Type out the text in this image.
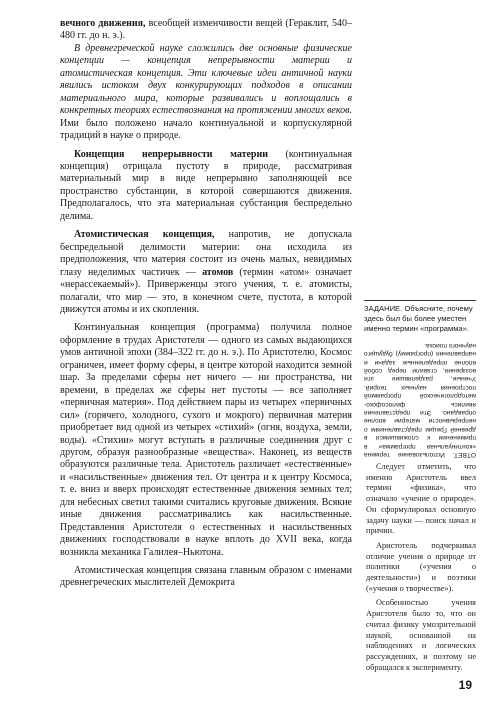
вечного движения, всеобщей изменчивости вещей (Гераклит, 540–480 гг. до н. э.).

В древнегреческой науке сложились две основные физические концепции — концепция непрерывности материи и атомистическая концепция. Эти ключевые идеи античной науки явились истоком двух конкурирующих подходов в описании материального мира, которые развивались и воплощались в конкретных теориях естествознания на протяжении многих веков. Ими было положено начало континуальной и корпускулярной традиций в науке о природе.

Концепция непрерывности материи (континуальная концепция) отрицала пустоту в природе, рассматривая материальный мир в виде непрерывно заполняющей все пространство субстанции, в которой совершаются движения. Предполагалось, что эта материальная субстанция беспредельно делима.

Атомистическая концепция, напротив, не допускала беспредельной делимости материи: она исходила из предположения, что материя состоит из очень малых, невидимых глазу неделимых частичек — атомов (термин «атом» означает «нерассекаемый»). Приверженцы этого учения, т. е. атомисты, полагали, что мир — это, в конечном счете, пустота, в которой движутся атомы и их скопления.

Континуальная концепция (программа) получила полное оформление в трудах Аристотеля — одного из самых выдающихся умов античной эпохи (384–322 гг. до н. э.). По Аристотелю, Космос ограничен, имеет форму сферы, в центре которой находится земной шар. За пределами сферы нет ничего — ни пространства, ни времени, в пределах же сферы нет пустоты — все заполняет «первичная материя». Под действием пары из четырех «первичных сил» (горячего, холодного, сухого и мокрого) первичная материя приобретает вид одной из четырех «стихий» (огня, воздуха, земли, воды). «Стихии» могут вступать в различные соединения друг с другом, образуя разнообразные «вещества». Наконец, из веществ образуются различные тела. Аристотель различает «естественные» и «насильственные» движения тел. От центра и к центру Космоса, т. е. вниз и вверх происходят естественные движения земных тел; для небесных светил такими считались круговые движения. Всякие иные движения рассматривались как насильственные. Представления Аристотеля о естественных и насильственных движениях господствовали в науке вплоть до XVII века, когда возникла механика Галилея–Ньютона.

Атомистическая концепция связана главным образом с именами древнегреческих мыслителей Демокрита

ЗАДАНИЕ. Объясните, почему здесь был бы более уместен именно термин «программа».
ОТВЕТ. Использование термина «континуальная программа» в применении к сложившимся в древней Греции представлениям о непрерывности материи вполне оправдано. Эти представления явились философско-методологической программой построения научных теорий. Ученые, разделявшие эти воззрения, ставили перед собой вполне определенные задачи и направления (программу) будущего научного поиска.

Следует отметить, что именно Аристотель ввел термин «физика», что означало «учение о природе». Он сформулировал основную задачу науки — поиск начал и причин.

Аристотель подчеркивал отличие учения о природе от политики («учения о деятельности») и поэтики («учения о творчестве»).

Особенностью учения Аристотеля было то, что он считал физику умозрительной наукой, основанной на наблюдениях и логических рассуждениях, и поэтому не обращался к эксперименту.

19
